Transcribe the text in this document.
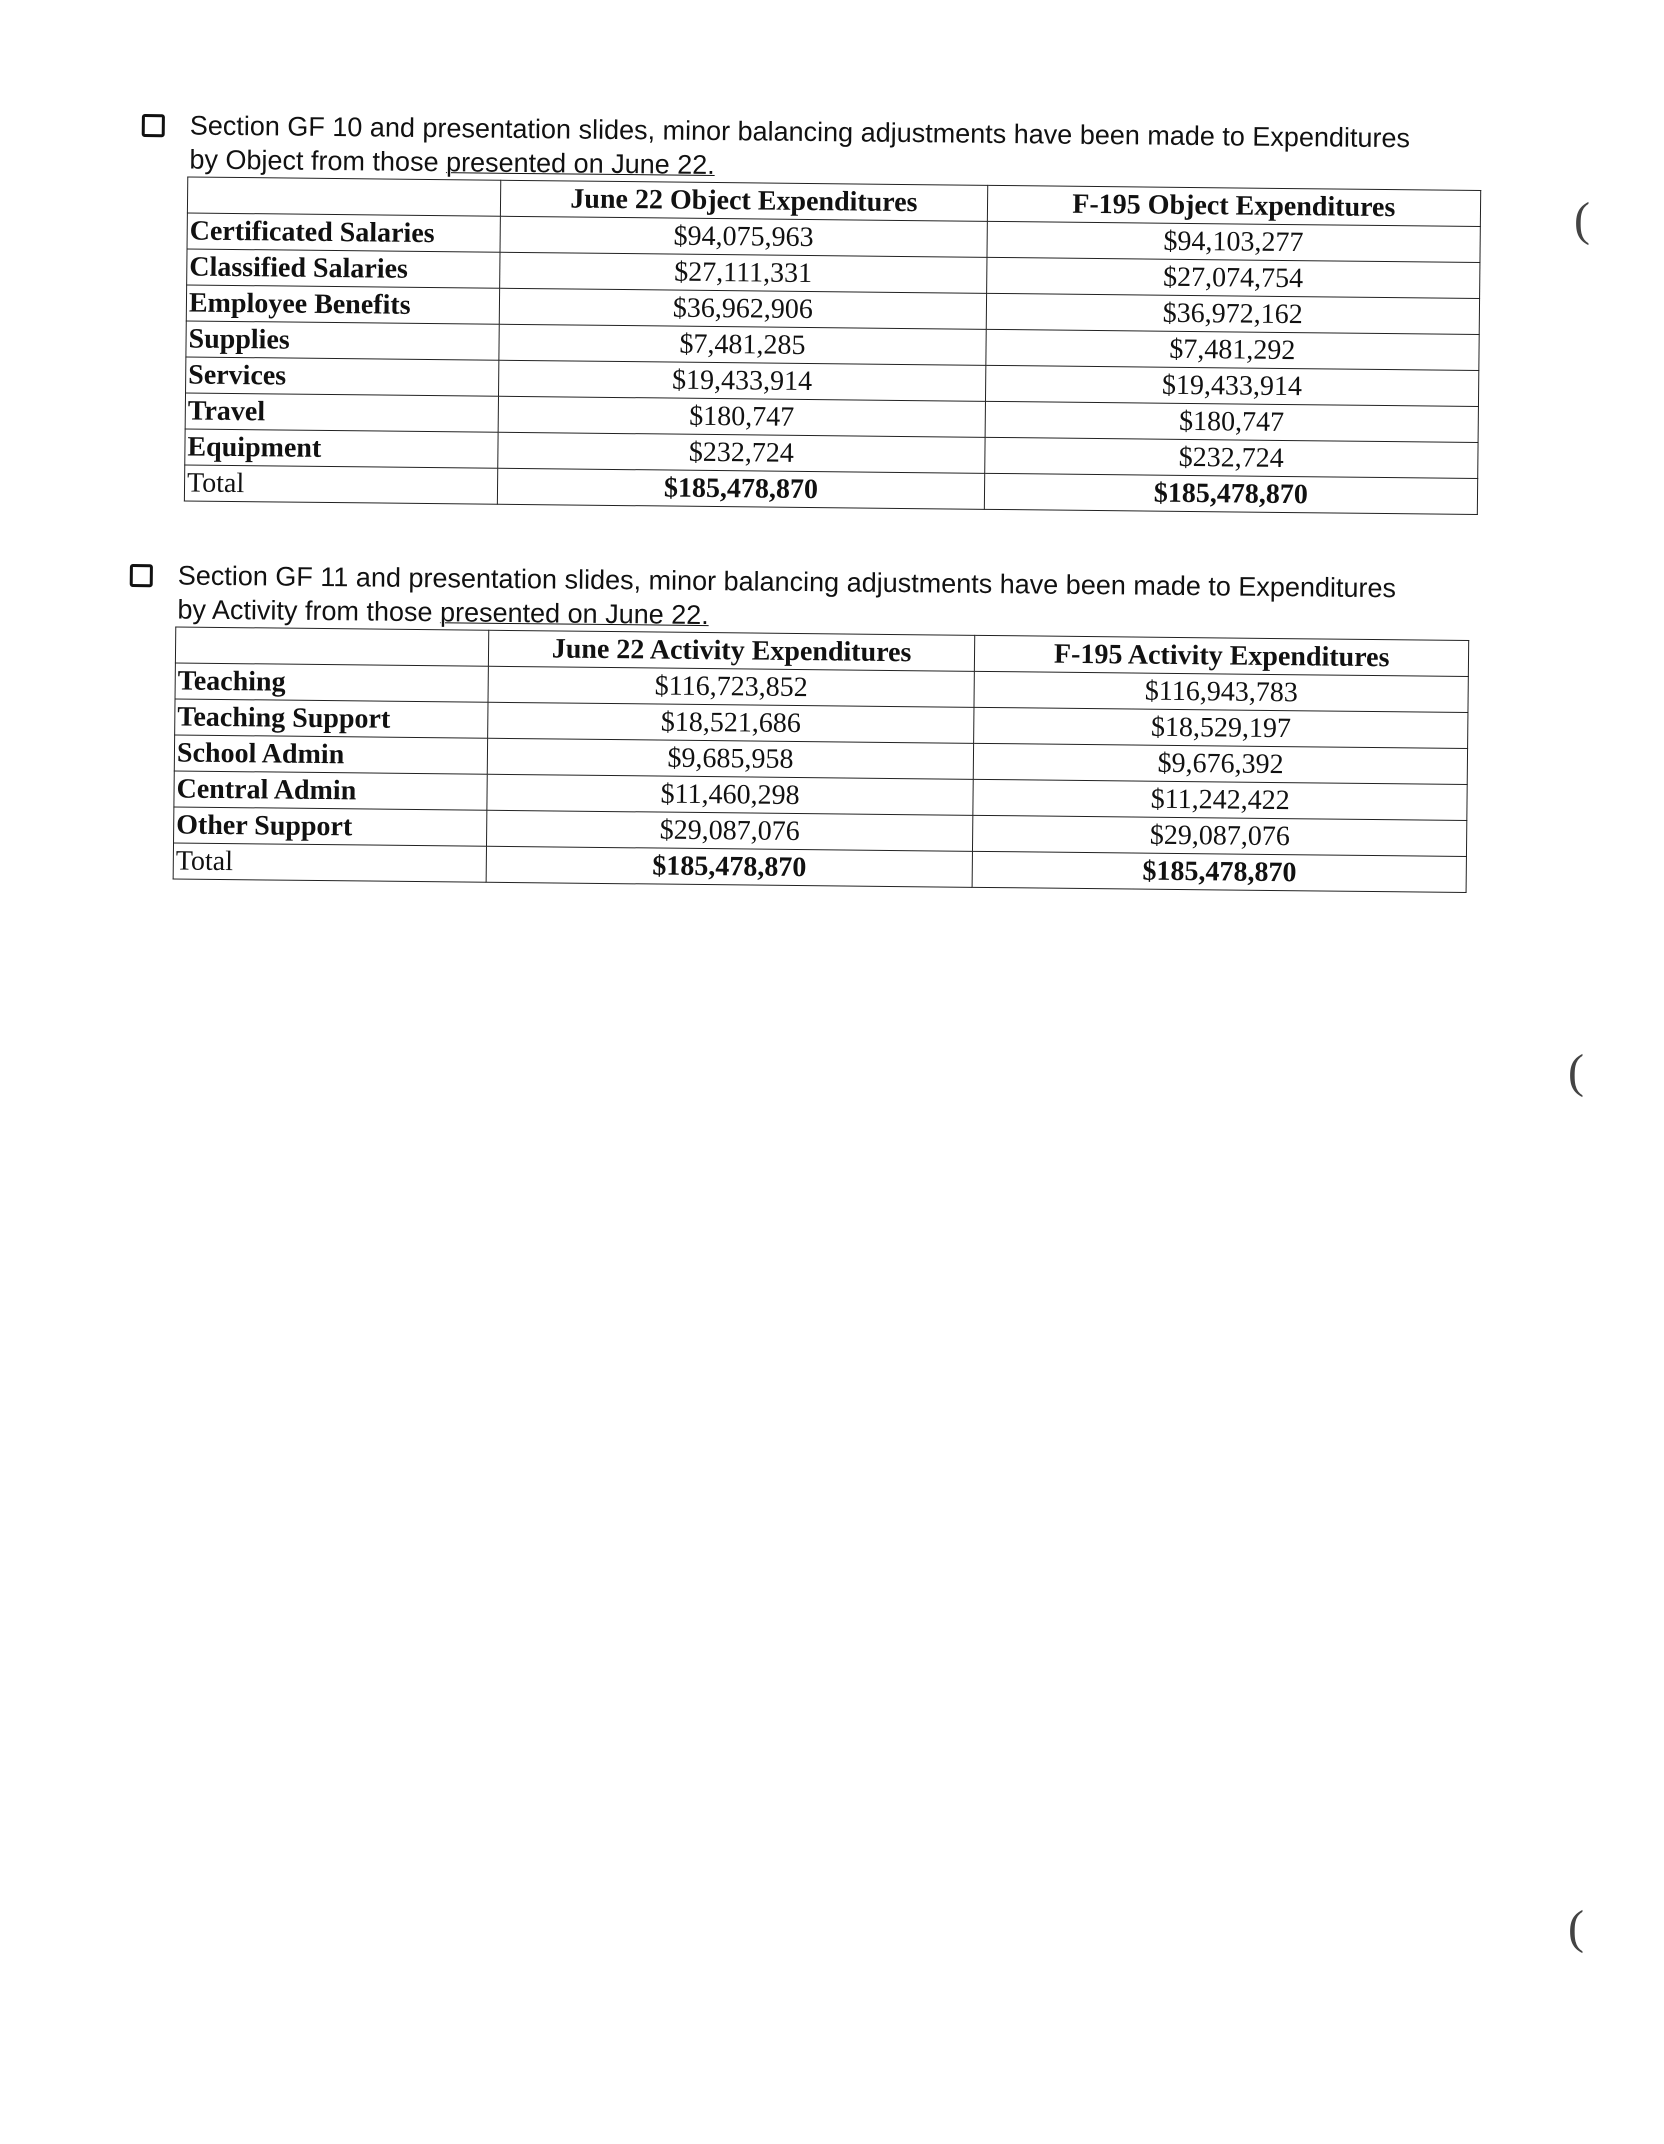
Section GF 10 and presentation slides, minor balancing adjustments have been made to Expenditures
by Object from those presented on June 22.
	June 22 Object Expenditures	F-195 Object Expenditures
Certificated Salaries	$94,075,963	$94,103,277
Classified Salaries	$27,111,331	$27,074,754
Employee Benefits	$36,962,906	$36,972,162
Supplies	$7,481,285	$7,481,292
Services	$19,433,914	$19,433,914
Travel	$180,747	$180,747
Equipment	$232,724	$232,724
Total	$185,478,870	$185,478,870
Section GF 11 and presentation slides, minor balancing adjustments have been made to Expenditures
by Activity from those presented on June 22.
	June 22 Activity Expenditures	F-195 Activity Expenditures
Teaching	$116,723,852	$116,943,783
Teaching Support	$18,521,686	$18,529,197
School Admin	$9,685,958	$9,676,392
Central Admin	$11,460,298	$11,242,422
Other Support	$29,087,076	$29,087,076
Total	$185,478,870	$185,478,870
(
(
(
